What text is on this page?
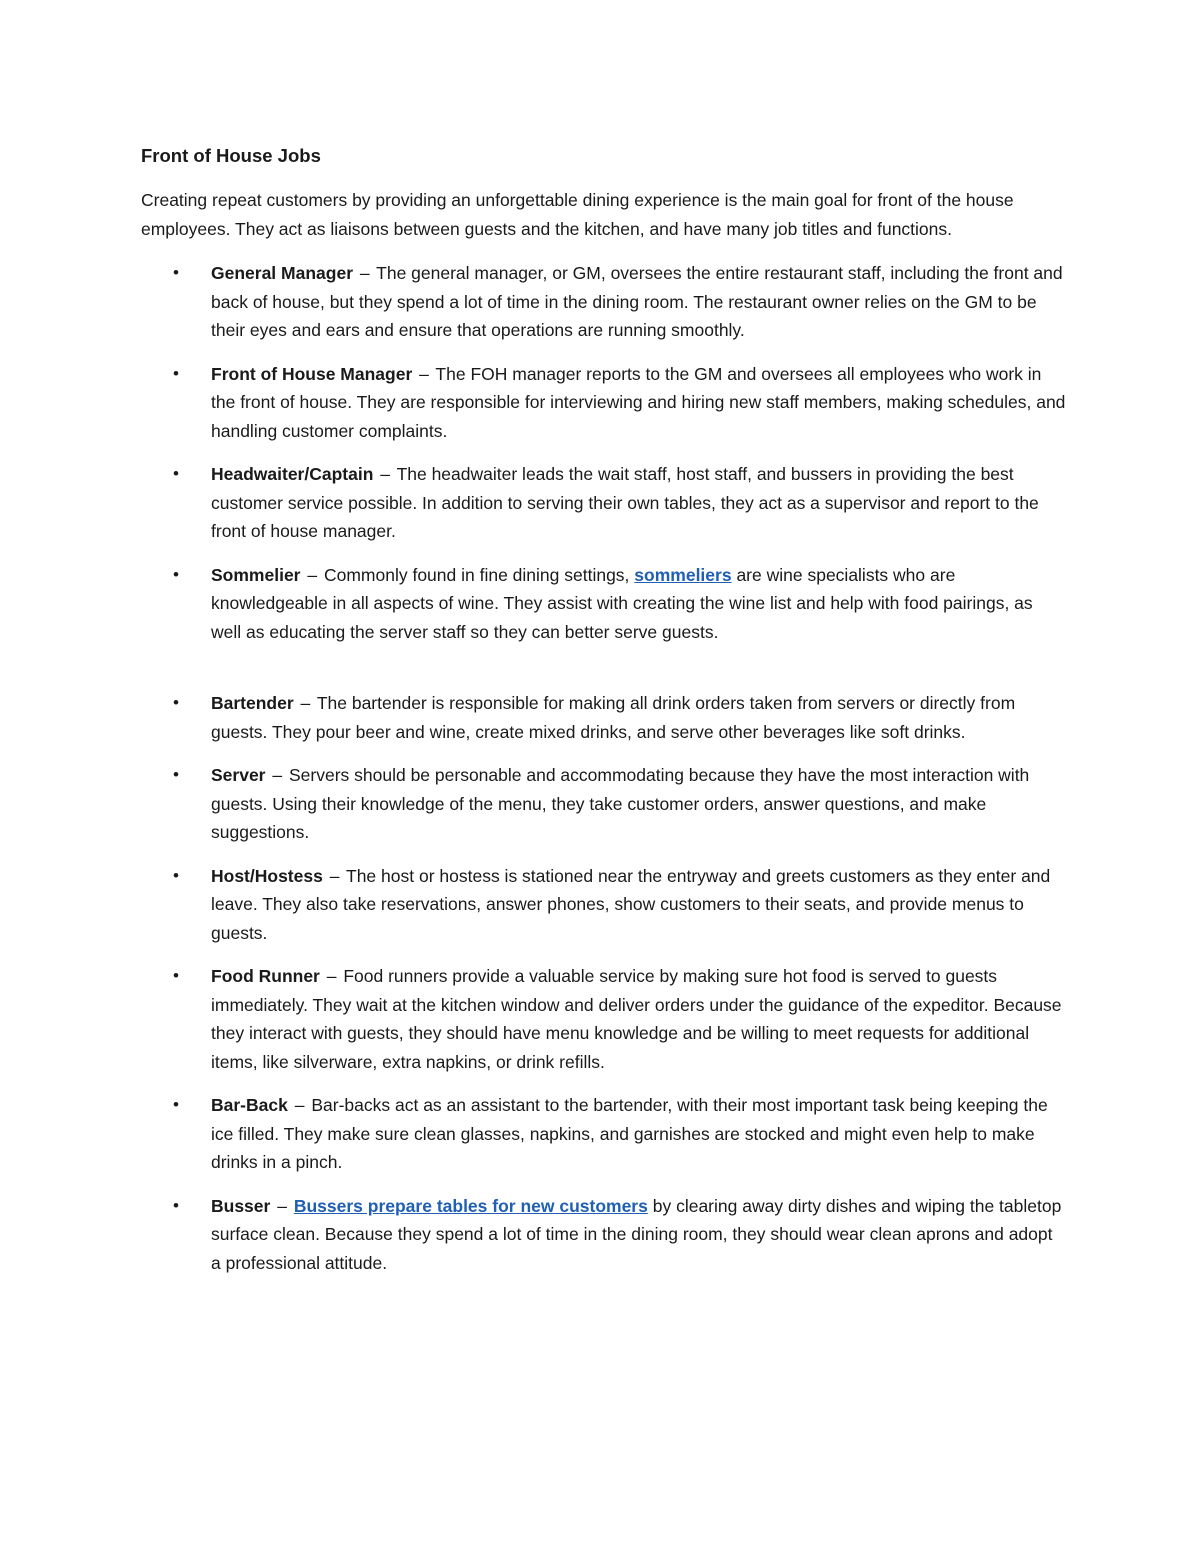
Front of House Jobs

Creating repeat customers by providing an unforgettable dining experience is the main goal for front of the house employees. They act as liaisons between guests and the kitchen, and have many job titles and functions.

• General Manager – The general manager, or GM, oversees the entire restaurant staff, including the front and back of house, but they spend a lot of time in the dining room. The restaurant owner relies on the GM to be their eyes and ears and ensure that operations are running smoothly.
• Front of House Manager – The FOH manager reports to the GM and oversees all employees who work in the front of house. They are responsible for interviewing and hiring new staff members, making schedules, and handling customer complaints.
• Headwaiter/Captain – The headwaiter leads the wait staff, host staff, and bussers in providing the best customer service possible. In addition to serving their own tables, they act as a supervisor and report to the front of house manager.
• Sommelier – Commonly found in fine dining settings, sommeliers are wine specialists who are knowledgeable in all aspects of wine. They assist with creating the wine list and help with food pairings, as well as educating the server staff so they can better serve guests.
• Bartender – The bartender is responsible for making all drink orders taken from servers or directly from guests. They pour beer and wine, create mixed drinks, and serve other beverages like soft drinks.
• Server – Servers should be personable and accommodating because they have the most interaction with guests. Using their knowledge of the menu, they take customer orders, answer questions, and make suggestions.
• Host/Hostess – The host or hostess is stationed near the entryway and greets customers as they enter and leave. They also take reservations, answer phones, show customers to their seats, and provide menus to guests.
• Food Runner – Food runners provide a valuable service by making sure hot food is served to guests immediately. They wait at the kitchen window and deliver orders under the guidance of the expeditor. Because they interact with guests, they should have menu knowledge and be willing to meet requests for additional items, like silverware, extra napkins, or drink refills.
• Bar-Back – Bar-backs act as an assistant to the bartender, with their most important task being keeping the ice filled. They make sure clean glasses, napkins, and garnishes are stocked and might even help to make drinks in a pinch.
• Busser – Bussers prepare tables for new customers by clearing away dirty dishes and wiping the tabletop surface clean. Because they spend a lot of time in the dining room, they should wear clean aprons and adopt a professional attitude.
